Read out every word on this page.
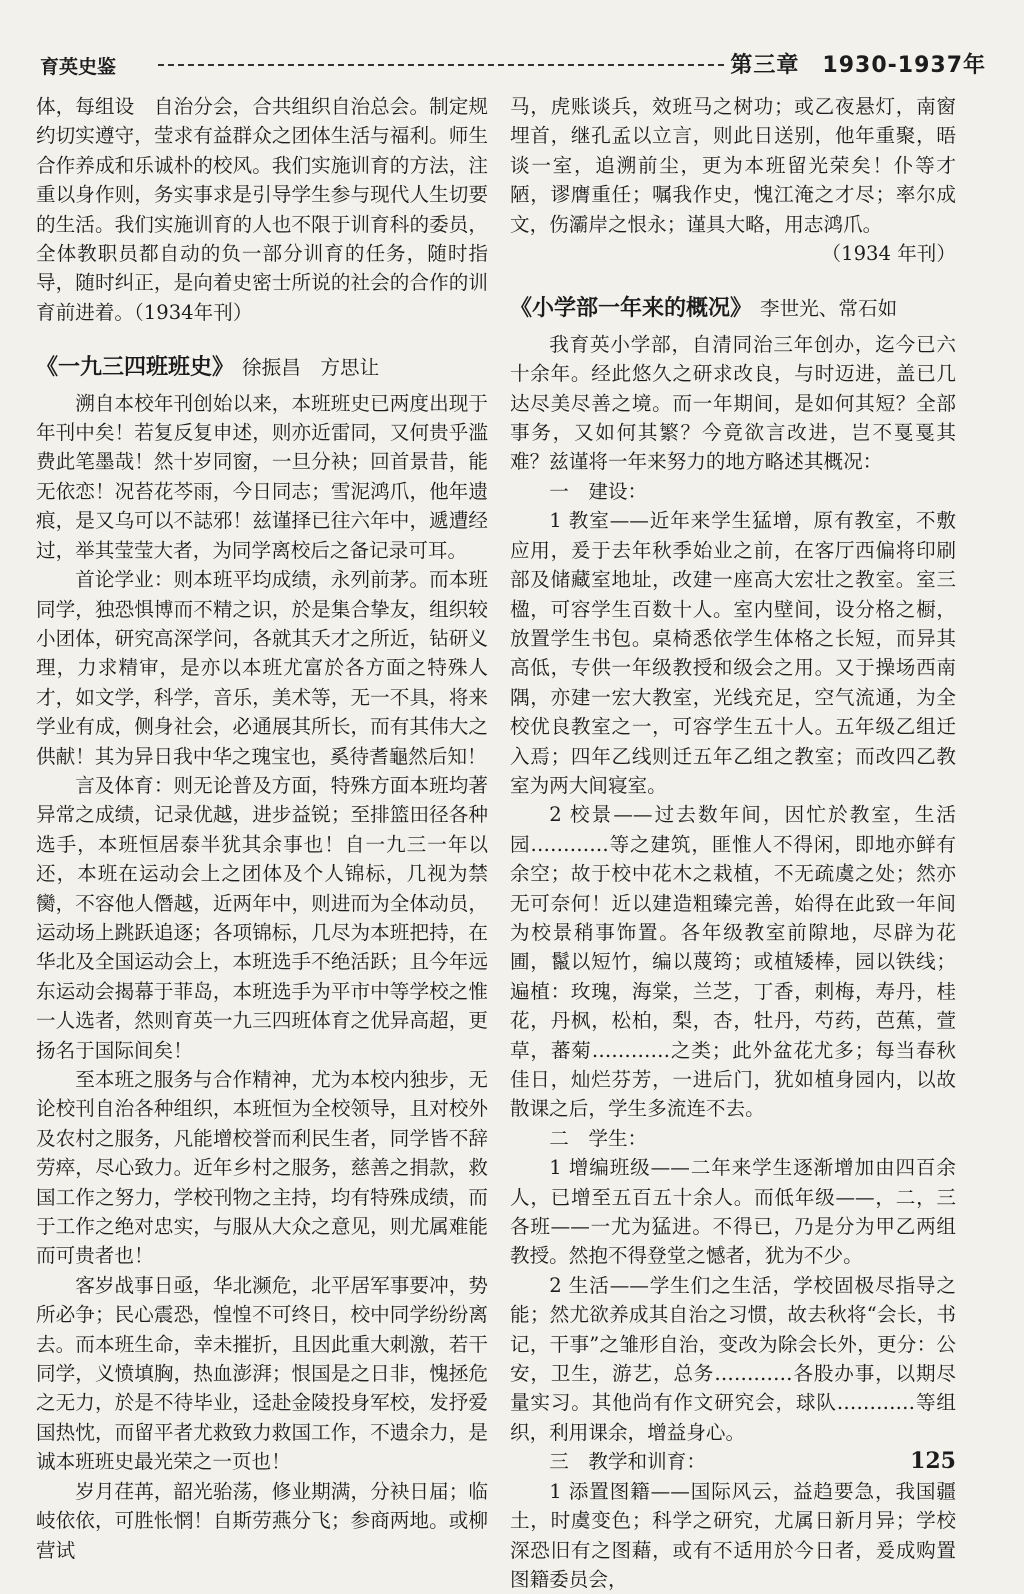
育英史鉴	第三章　1930-1937年

体，每组设　自治分会，合共组织自治总会。制定规约切实遵守，莹求有益群众之团体生活与福利。师生合作养成和乐诚朴的校风。我们实施训育的方法，注重以身作则，务实事求是引导学生参与现代人生切要的生活。我们实施训育的人也不限于训育科的委员，全体教职员都自动的负一部分训育的任务，随时指导，随时纠正，是向着史密士所说的社会的合作的训育前进着。（1934年刊）

《一九三四班班史》 徐振昌　方思让

溯自本校年刊创始以来，本班班史已两度出现于年刊中矣！若复反复申述，则亦近雷同，又何贵乎滥费此笔墨哉！然十岁同窗，一旦分袂；回首景昔，能无依恋！况苔花芩雨，今日同志；雪泥鸿爪，他年遗痕，是又乌可以不誌邪！兹谨择已往六年中，遞遭经过，举其莹莹大者，为同学离校后之备记录可耳。

首论学业：则本班平均成绩，永列前茅。而本班同学，独恐惧博而不精之识，於是集合挚友，组织较小团体，研究高深学问，各就其夭才之所近，钻研义理，力求精审，是亦以本班尤富於各方面之特殊人才，如文学，科学，音乐，美术等，无一不具，将来学业有成，侧身社会，必通展其所长，而有其伟大之供献！其为异日我中华之瑰宝也，奚待耆龜然后知！

言及体育：则无论普及方面，特殊方面本班均著异常之成绩，记录优越，进步益锐；至排篮田径各种选手，本班恒居泰半犹其余事也！自一九三一年以还，本班在运动会上之团体及个人锦标，几视为禁臠，不容他人僭越，近两年中，则进而为全体动员，运动场上跳跃追逐；各项锦标，几尽为本班把持，在华北及全国运动会上，本班选手不绝活跃；且今年远东运动会揭幕于菲岛，本班选手为平市中等学校之惟一人选者，然则育英一九三四班体育之优异高超，更扬名于国际间矣！

至本班之服务与合作精神，尤为本校内独步，无论校刊自治各种组织，本班恒为全校领导，且对校外及农村之服务，凡能增校誉而利民生者，同学皆不辞劳瘁，尽心致力。近年乡村之服务，慈善之捐款，救国工作之努力，学校刊物之主持，均有特殊成绩，而于工作之绝对忠实，与服从大众之意见，则尤属难能而可贵者也！

客岁战事日亟，华北濒危，北平居军事要冲，势所必争；民心震恐，惶惶不可终日，校中同学纷纷离去。而本班生命，幸未摧折，且因此重大刺激，若干同学，义愤填胸，热血澎湃；恨国是之日非，愧拯危之无力，於是不待毕业，迳赴金陵投身军校，发抒爱国热忱，而留平者尤救致力救国工作，不遗余力，是诚本班班史最光荣之一页也！

岁月荏苒，韶光骀荡，修业期满，分袂日届；临岐依依，可胜怅惘！自斯劳燕分飞；参商两地。或柳营试

马，虎账谈兵，效班马之树功；或乙夜悬灯，南窗埋首，继孔孟以立言，则此日送别，他年重聚，晤谈一室，追溯前尘，更为本班留光荣矣！仆等才陋，谬膺重任；嘱我作史，愧江淹之才尽；率尔成文，伤灞岸之恨永；谨具大略，用志鸿爪。

（1934 年刊）

《小学部一年来的概况》 李世光、常石如

我育英小学部，自清同治三年创办，迄今已六十余年。经此悠久之研求改良，与时迈进，盖已几达尽美尽善之境。而一年期间，是如何其短？全部事务，又如何其繁？今竟欲言改进，岂不戛戛其难？兹谨将一年来努力的地方略述其概况：

一　建设：

1 教室——近年来学生猛增，原有教室，不敷应用，爰于去年秋季始业之前，在客厅西偏将印刷部及储藏室地址，改建一座高大宏壮之教室。室三楹，可容学生百数十人。室内壁间，设分格之橱，放置学生书包。桌椅悉依学生体格之长短，而异其高低，专供一年级教授和级会之用。又于操场西南隅，亦建一宏大教室，光线充足，空气流通，为全校优良教室之一，可容学生五十人。五年级乙组迁入焉；四年乙线则迁五年乙组之教室；而改四乙教室为两大间寝室。

2 校景——过去数年间，因忙於教室，生活园…………等之建筑，匪惟人不得闲，即地亦鲜有余空；故于校中花木之栽植，不无疏虞之处；然亦无可奈何！近以建造粗臻完善，始得在此致一年间为校景稍事饰置。各年级教室前隙地，尽辟为花圃，鬣以短竹，编以蔑筠；或植矮棒，园以铁线；遍植：玫瑰，海棠，兰芝，丁香，刺梅，寿丹，桂花，丹枫，松柏，梨，杏，牡丹，芍药，芭蕉，萱草，蕃菊…………之类；此外盆花尤多；每当春秋佳日，灿烂芬芳，一进后门，犹如植身园内，以故散课之后，学生多流连不去。

二　学生：

1 增编班级——二年来学生逐渐增加由四百余人，已增至五百五十余人。而低年级——，二，三各班——一尤为猛进。不得已，乃是分为甲乙两组教授。然抱不得登堂之憾者，犹为不少。

2 生活——学生们之生活，学校固极尽指导之能；然尤欲养成其自治之习惯，故去秋将“会长，书记，干事”之雏形自治，变改为除会长外，更分：公安，卫生，游艺，总务…………各股办事，以期尽量实习。其他尚有作文研究会，球队…………等组织，利用课余，增益身心。

三　教学和训育：

1 添置图籍——国际风云，益趋要急，我国疆土，时虞变色；科学之研究，尤属日新月异；学校深恐旧有之图藉，或有不适用於今日者，爰成购置图籍委员会，

125
